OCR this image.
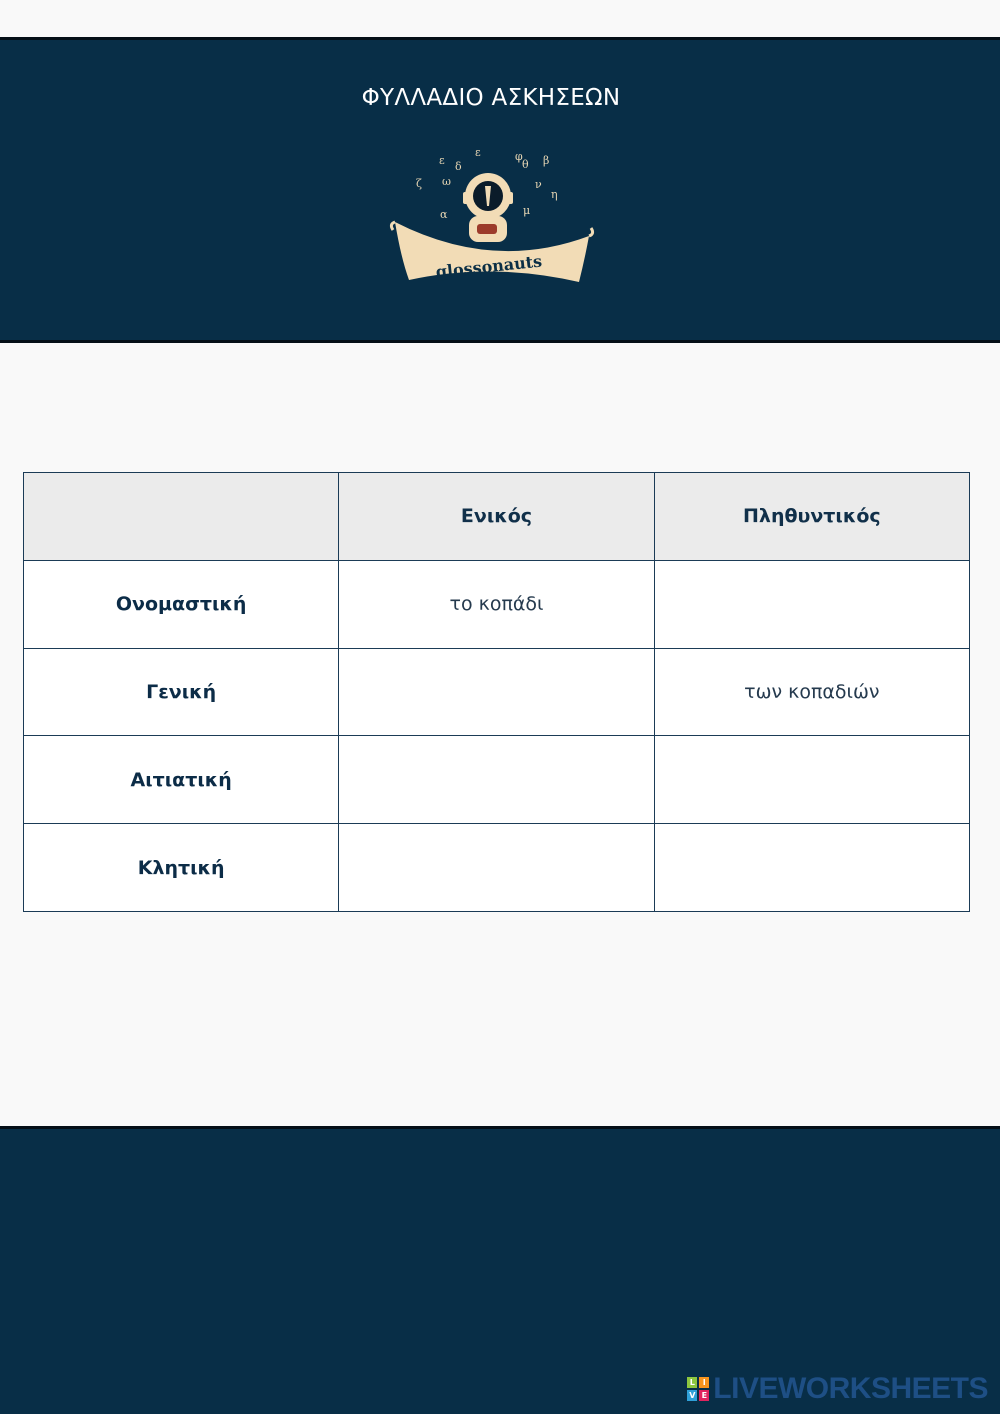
ΦΥΛΛΑΔΙΟ ΑΣΚΗΣΕΩΝ
ε
δ
ε	θ β
ζ ω
η
α	μ
φ
ν
glossonauts
	Ενικός	Πληθυντικός
Ονομαστική	το κοπάδι	
Γενική		των κοπαδιών
Αιτιατική		
Κλητική		
L I
V E LIVEWORKSHEETS
